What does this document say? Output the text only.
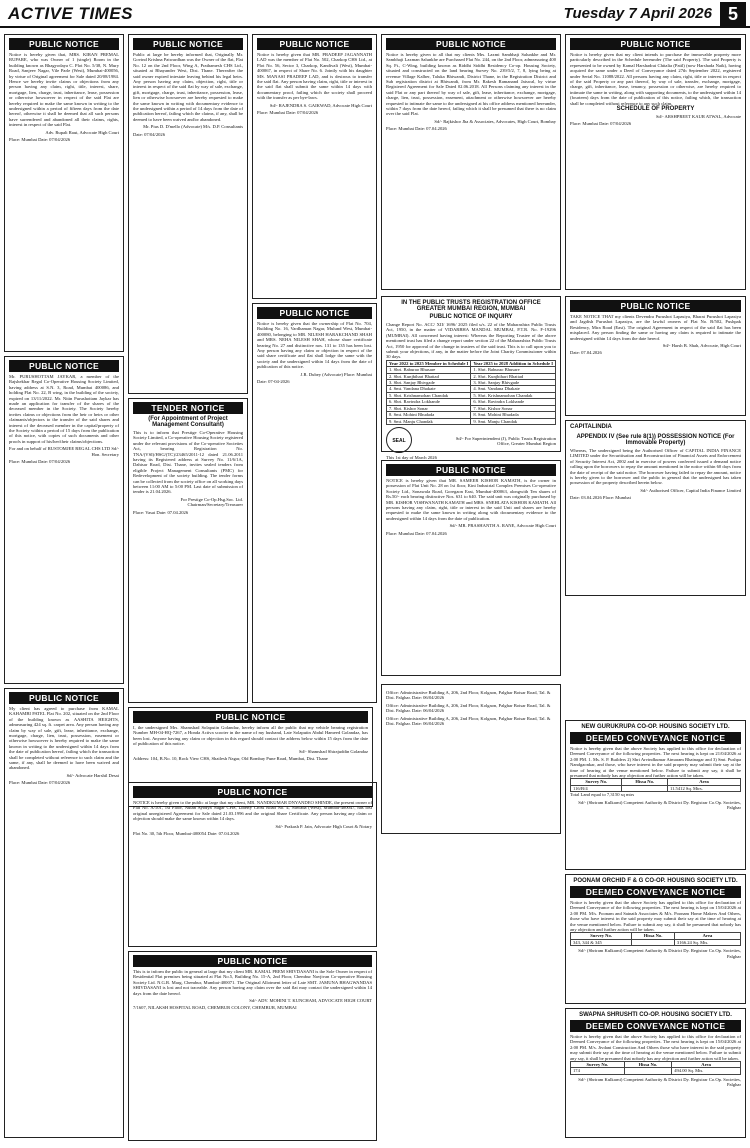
ACTIVE TIMES	Tuesday 7 April 2026 5
PUBLIC NOTICE
Notice is hereby given that, MRS. KIRAN PREMAL RUPARE, who was Owner of 1 (single) Room in the building known as Bhagyodaya C. Plot No. 5/38, N. Mury Road, Sanjeev Nagar, Vile Parle (West), Mumbai-400056, by virtue of Original agreement for Sale dated 20/08/1984. Hence we hereby invite claims or objections from any person having any claim, right, title, interest, share, mortgage, lien, charge, trust, inheritance, lease, possession or otherwise howsoever in respect of the said Flat are hereby required to make the same known in writing to the undersigned within a period of fifteen days from the date hereof, otherwise it shall be deemed that all such persons have surrendered and abandoned all their claims, rights, interest in respect of the said Flat.
Adv. Rupali Raut, Advocate High Court
Place: Mumbai Date: 07/04/2026
PUBLIC NOTICE
Mr. PURUSHOTTAM JAYKAR, a member of the Rajshekhar Regal Co-Operative Housing Society Limited, having address at S.N. 3, Road, Mumbai 400086, and holding Flat No. 22, B wing, in the building of the society, expired on 13/11/2022. Mr. Nitin Purushottam Jaykar has made an application for transfer of the shares of the deceased member in the Society. The Society hereby invites claims or objections from the heir or heirs or other claimants/objectors to the transfer of the said shares and interest of the deceased member in the capital/property of the Society within a period of 15 days from the publication of this notice, with copies of such documents and other proofs in support of his/her/their claims/objections.
For and on behalf of RUSTOMJEE REGAL CHS LTD Sd/- Hon. Secretary
Place: Mumbai Date: 07/04/2026
PUBLIC NOTICE
My client has agreed to purchase from KAMAL KAHAMBI PATEL Flat No. 202, situated on the 2nd Floor of the building known as AASHITA HEIGHTS, admeasuring 424 sq. ft. carpet area. Any person having any claim by way of sale, gift, lease, inheritance, exchange, mortgage, charge, lien, trust, possession, easement or otherwise howsoever is hereby required to make the same known in writing to the undersigned within 14 days from the date of publication hereof, failing which the transaction shall be completed without reference to such claim and the same, if any, shall be deemed to have been waived and abandoned.
Sd/- Advocate Harshil Desai
Place: Mumbai Date: 07/04/2026
PUBLIC NOTICE
Public at large be hereby informed that, Originally Mr. Govind Krishna Patwardhan was the Owner of the flat, Flat No. 12 on the 2nd Floor, Wing A, Prathamesh CHS Ltd., situated at Bhayander West, Dist. Thane. Thereafter the said owner expired intestate leaving behind his legal heirs. Any person having any claim, objection, right, title or interest in respect of the said flat by way of sale, exchange, gift, mortgage, charge, trust, inheritance, possession, lease, lien or otherwise howsoever are hereby requested to make the same known in writing with documentary evidence to the undersigned within a period of 14 days from the date of publication hereof, failing which the claims, if any, shall be deemed to have been waived and/or abandoned.
Mr. Pius D. D'mello (Advocate) M/s. D.P. Consultants
Date: 07/04/2026
TENDER NOTICE
(For Appointment of Project Management Consultant)
This is to inform that Prestige Co-Operative Housing Society Limited, a Co-operative Housing Society registered under the relevant provisions of the Co-operative Societies Act, bearing Registration No. TNA/(VSI)/HSG/(TC)/23465/2011-12 dated 21.06.2011 having its Registered address at Survey No. 11/6/1A, Dahisar Road, Dist. Thane, invites sealed tenders from eligible Project Management Consultants (PMC) for Redevelopment of the society building. The tender forms can be collected from the society office on all working days between 11:00 AM to 5:00 PM. Last date of submission of tender is 21.04.2026.
For Prestige Co-Op.Hsg.Soc. Ltd. Chairman/Secretary/Treasurer
Place: Vasai Date: 07.04.2026
PUBLIC NOTICE
I, the undersigned Mrs. Shamshad Solaputin Golandaz, hereby inform all the public that my vehicle bearing registration Number MH-04-HQ-7267, a Honda Activa scooter in the name of my husband, Late Solaputin Abdul Hameed Golandaz, has been lost. Anyone having any claim or objection in this regard should contact the address below within 15 days from the date of publication of this notice.
Sd/- Shamshad Shirajuddin Golandaz
Address: 104, B.No. 10, Rock View CHS, Shailesh Nagar, Old Bombay Pune Road, Mumbai, Dist. Thane
PUBLIC NOTICE
Notice is hereby given that MR. PRADEEP JAGANNATH LAD was the member of Flat No. 502, Charkop CHS Ltd., at Plot No. 56, Sector 3, Charkop, Kandivali (West), Mumbai-400067, in respect of Share No. 6. Jointly with his daughter MS. MANASI PRADEEP LAD, and is desirous to transfer the said flat. Any person having claim, right, title or interest in the said flat shall submit the same within 14 days with documentary proof, failing which the society shall proceed with the transfer as per bye-laws.
Sd/- RAJENDRA S. GAIKWAD, Advocate High Court
Place: Mumbai Date: 07/04/2026
PUBLIC NOTICE
Notice is hereby given that the ownership of Flat No. 704, Building No. 16, Vardhaman Nagar, Mulund West, Mumbai-400080, belonging to MR. NILESH HARAKCHAND SHAH and MRS. NEHA NILESH SHAH, whose share certificate bearing No. 27 and distinctive nos. 131 to 135 has been lost. Any person having any claim or objection in respect of the said share certificate and flat shall lodge the same with the society and the undersigned within 14 days from the date of publication of this notice.
J.R. Dubey (Advocate) Place: Mumbai
Date: 07-04-2026
PUBLIC NOTICE
NOTICE is hereby given to the public at large that my client, MR. NANDKUMAR DNYANDEO SHINDE, the present owner of Flat No. A/101, 1st Floor, Nutan Ayodya Nagar CHS, Liberty Cross Road No. 4, Nawada (West), Mumbai-400047, has lost original unregistered Agreement for Sale dated 21.03.1996 and the original Share Certificate. Any person having any claim or objection should make the same known within 14 days.
Sd/- Prakash P. Jain, Advocate High Court & Notary
Plot No. 30, 5th Floor, Mumbai-400054 Date: 07.04.2026
PUBLIC NOTICE
This is to inform the public in general at large that my client MR. KAMAL PREM SHIVDASANI is the Sole Owner in respect of Residential Flat premises being situated at Flat No.5, Building No. 15-A, 2nd Floor, Chembur Navjivan Co-operative Housing Society Ltd. N.G.R. Marg, Chembur, Mumbai-400071. The Original Allotment letter of Late SMT. JAMUNA BHAGWANDAS SHIVDASANI is lost and not traceable. Any person having any claim over the said flat may contact the undersigned within 14 days from the date hereof.
Sd/- ADV. MOHINI T. KUNCHAM, ADVOCATE HIGH COURT
7/1607, NILAKSH HOSPITAL ROAD, CHEMBUR COLONY, CHEMBUR, MUMBAI
PUBLIC NOTICE
Notice is hereby given to all that my clients Mrs. Laxmi Sambhaji Salunkhe and Mr. Sambhaji Laxman Salunkhe are Purchased Flat No. 244, on the 2nd Floor, admeasuring 400 Sq. Ft., C-Wing, building known as Riddhi Siddhi Residency Co-op. Housing Society, situated and constructed on the land bearing Survey No. 239/5/2, 7, 8, lying being at revenue Village Kalher, Taluka Bhiwandi, District Thane, in the Registration District and Sub registration district at Bhiwandi, from Mr. Rakesh Ramanand Jaiswal, by virtue Registered Agreement for Sale Dated 02.06.2018. All Persons claiming any interest in the said Flat or any part thereof by way of sale, gift, lease, inheritance, exchange, mortgage, charge, lien, trust, possession, easement, attachment or otherwise howsoever are hereby requested to intimate the same to the undersigned at his office address mentioned hereunder, within 7 days from the date hereof, failing which it shall be presumed that there is no claim over the said Flat.
Sd/- Rajkishor Jha & Associates, Advocates, High Court, Bombay
Place: Mumbai Date: 07.04.2026
PUBLIC NOTICE
Notice is hereby given that my client intends to purchase the immovable property more particularly described in the Schedule hereunder (The said Property). The said Property is represented to be owned by Kamal Harshadrai Chitalia (Patil) (now Harshada Naik), having acquired the same under a Deed of Conveyance dated 27th September 2022, registered under Serial No. 11088/2022. All persons having any claim, right, title or interest in respect of the said Property or any part thereof, by way of sale, transfer, exchange, mortgage, charge, gift, inheritance, lease, tenancy, possession or otherwise, are hereby required to intimate the same in writing, along with supporting documents, to the undersigned within 14 (fourteen) days from the date of publication of this notice, failing which, the transaction shall be completed without reference to any such claim.
SCHEDULE OF PROPERTY
Sd/- ARSHPREET KAUR ATWAL, Advocate
Place: Mumbai Date: 07/04/2026
IN THE PUBLIC TRUSTS REGISTRATION OFFICE GREATER MUMBAI REGION, MUMBAI
PUBLIC NOTICE OF INQUIRY
Change Report No. ACC/ XII/ 1696/ 2025 filed u/s. 22 of the Maharashtra Public Trusts Act, 1950, in the matter of VIDARBHA MANDAL MUMBAI, P.T.R. No. F-19296 (MUMBAI). All concerned having interest: Whereas the Reporting Trustee of the above mentioned trust has filed a change report under section 22 of the Maharashtra Public Trusts Act, 1950 for approval of the change in trustees of the said trust. This is to call upon you to submit your objections, if any, in the matter before the Joint Charity Commissioner within 30 days.
Year 2022 to 2025 Member in Schedule I	Year 2025 to 2028 Addition in Schedule I
1. Shri. Baburao Bhusare	1. Shri. Baburao Bhusare
2. Shri. Kunjbihari Bhattad	2. Shri. Kunjbihari Bhattad
3. Shri. Sanjay Bhivgade	3. Shri. Sanjay Bhivgade
4. Smt. Vandana Dhakate	4. Smt. Vandana Dhakate
5. Shri. Krishnamohan Chandak	5. Shri. Krishnamohan Chandak
6. Shri. Ravindra Lokhande	6. Shri. Ravindra Lokhande
7. Shri. Kishor Sonar	7. Shri. Kishor Sonar
8. Smt. Mohini Bhudada	8. Smt. Mohini Bhudada
9. Smt. Manju Chandak	9. Smt. Manju Chandak
SEAL	Sd/- For Superintendent (J), Public Trusts Registration Office, Greater Mumbai Region
This 1st day of March 2026
PUBLIC NOTICE
TAKE NOTICE THAT my clients Devendra Purushot Lapasiya, Bharat Purushot Lapasiya and Jagdish Purushot Lapasiya, are the lawful owners of Flat No. B/502, Pushpak Residency, Mira Road (East). The original Agreement in respect of the said flat has been misplaced. Any person finding the same or having any claim is required to intimate the undersigned within 14 days from the date hereof.
Sd/- Harsh B. Shah, Advocate, High Court
Date: 07.04.2026
CAPITALINDIA
APPENDIX IV (See rule 8(1)) POSSESSION NOTICE (For Immovable Property)
Whereas, The undersigned being the Authorised Officer of CAPITAL INDIA FINANCE LIMITED under the Securitisation and Reconstruction of Financial Assets and Enforcement of Security Interest Act, 2002 and in exercise of powers conferred issued a demand notice calling upon the borrowers to repay the amount mentioned in the notice within 60 days from the date of receipt of the said notice. The borrower having failed to repay the amount, notice is hereby given to the borrower and the public in general that the undersigned has taken possession of the property described herein below.
Sd/- Authorised Officer, Capital India Finance Limited
Date: 03.04.2026 Place: Mumbai
PUBLIC NOTICE
NOTICE is hereby given that MR. SAMEER KISHOR KAMATH, is the owner in possession of Flat Unit No. 28 on 1st floor, Kini Industrial Complex Premises Co-operative Society Ltd., Sonawala Road, Goregaon East, Mumbai-400063, alongwith Ten shares of Rs.50/- each bearing distinctive Nos. 631 to 640. The said unit was originally purchased by MR. KISHOR VISHWANATH KAMATH and MRS. SNEHLATA KISHOR KAMATH. All persons having any claim, right, title or interest in the said Unit and shares are hereby requested to make the same known in writing along with documentary evidence to the undersigned within 14 days from the date of publication.
Sd/- MR. PRASHANTH A. RANE, Advocate High Court
Place: Mumbai Date: 07.04.2026
NEW GURUKRUPA CO-OP. HOUSING SOCIETY LTD.
DEEMED CONVEYANCE NOTICE
Notice is hereby given that the above Society has applied to this office for declaration of Deemed Conveyance of the following properties. The next hearing is kept on 21/04/2026 at 2:00 PM. 1. Ms. S. P. Builders 2) Shri Arvindkumar Atmaram Bhatnagar and 3) Smt. Pushpa Nandgaonkar, and those, who have interest in the said property may submit their say at the time of hearing at the venue mentioned below. Failure to submit any say, it shall be presumed that nobody has any objection and further action will be taken.
Survey No.	Hissa No.	Area
116/B/4		11.5412 Sq. Mtrs.
Total Land equal to 7,3150 sq mtrs
Sd/- (Shriram Kulkarni) Competent Authority & District Dy. Registrar Co.Op. Societies, Palghar
POONAM ORCHID F & G CO-OP. HOUSING SOCIETY LTD.
DEEMED CONVEYANCE NOTICE
Notice is hereby given that the above Society has applied to this office for declaration of Deemed Conveyance of the following properties. The next hearing is kept on 15/04/2026 at 2:00 PM. M/s. Poonam and Sainath Associates & M/s. Poonam Home Makers And Others, those who have interest in the said property may submit their say at the time of hearing at the venue mentioned below. Failure to submit any say, it shall be presumed that nobody has any objection and further action will be taken.
Survey No.	Hissa No.	Area
343, 344 & 345		3166.24 Sq. Mts.
Sd/- (Shriram Kulkarni) Competent Authority & District Dy. Registrar Co.Op. Societies, Palghar
SWAPNA SHRUSHTI CO-OP. HOUSING SOCIETY LTD.
DEEMED CONVEYANCE NOTICE
Notice is hereby given that the above Society has applied to this office for declaration of Deemed Conveyance of the following properties. The next hearing is kept on 15/04/2026 at 2:00 PM. M/s. Jivdani Construction And Others those who have interest in the said property may submit their say at the time of hearing at the venue mentioned below. Failure to submit any say, it shall be presumed that nobody has any objection and further action will be taken.
Survey No.	Hissa No.	Area
174		494.00 Sq. Mts.
Sd/- (Shriram Kulkarni) Competent Authority & District Dy. Registrar Co.Op. Societies, Palghar
Office: Administrative Building A, 206, 2nd Floor, Kolgaon, Palghar Boisar Road, Tal. & Dist. Palghar. Date: 06/04/2026
Office: Administrative Building A, 206, 2nd Floor, Kolgaon, Palghar Boisar Road, Tal. & Dist. Palghar. Date: 06/04/2026
Office: Administrative Building A, 206, 2nd Floor, Kolgaon, Palghar Boisar Road, Tal. & Dist. Palghar. Date: 06/04/2026
